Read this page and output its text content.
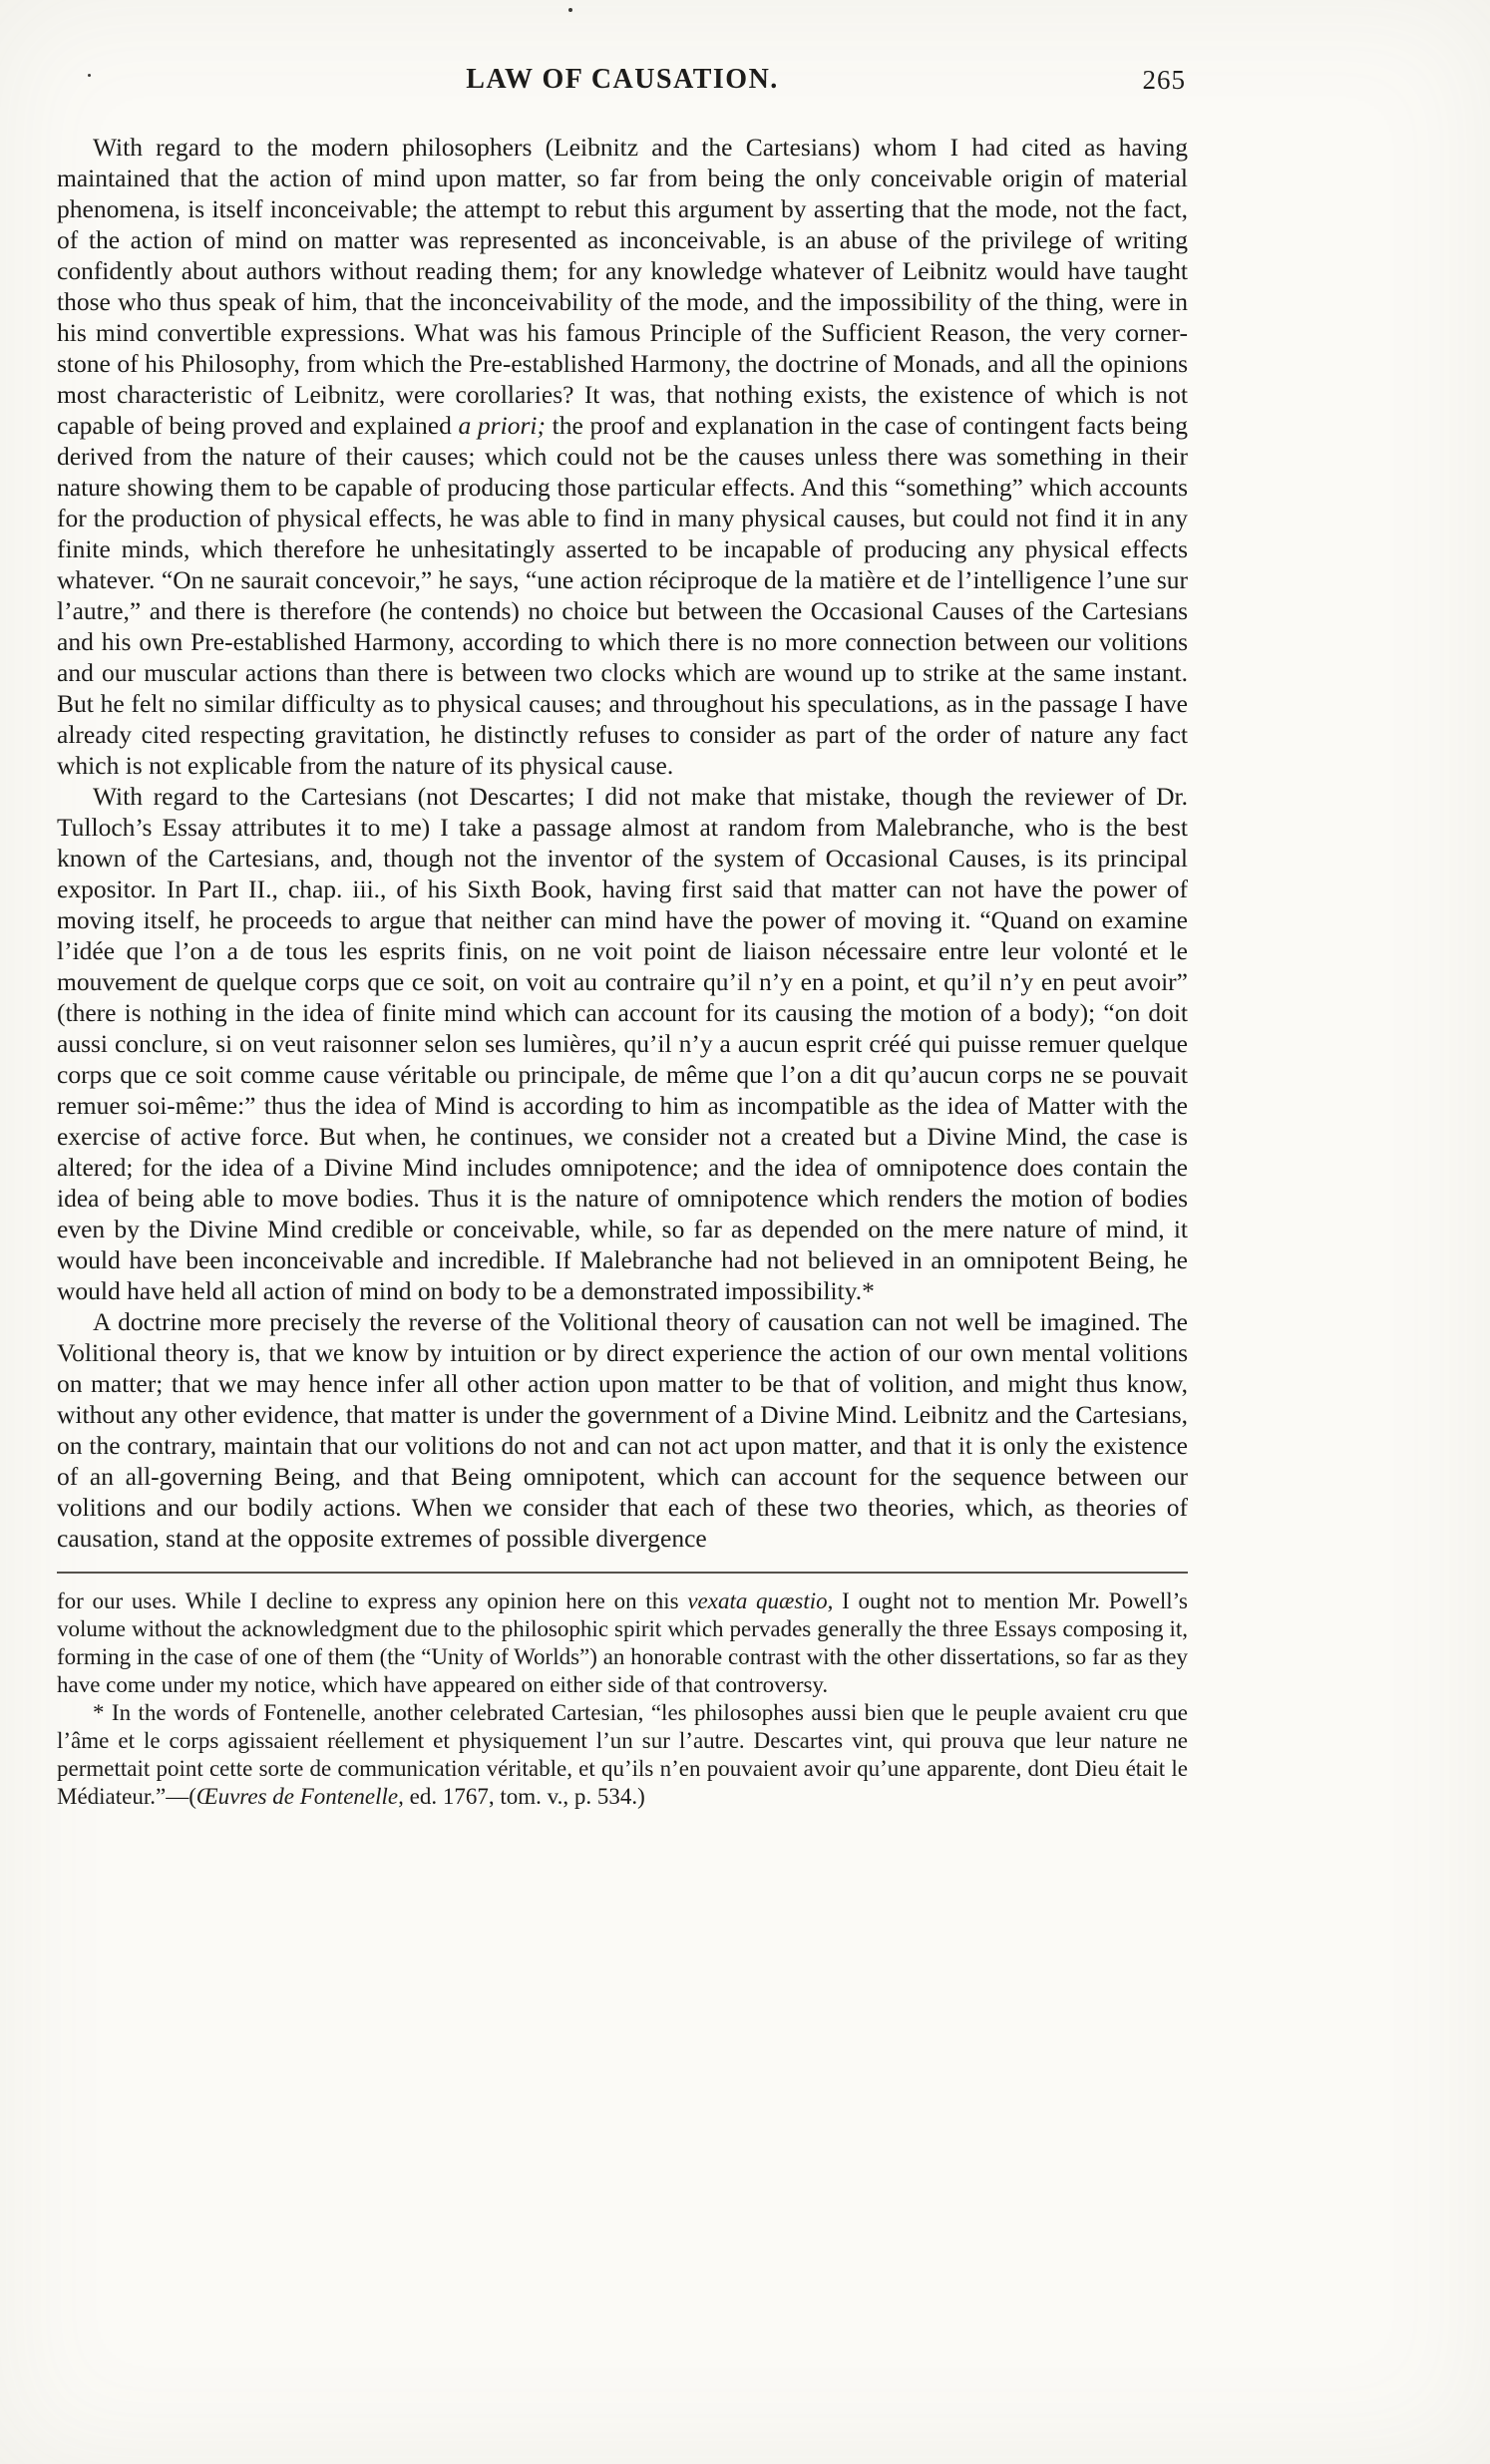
LAW OF CAUSATION.	265

With regard to the modern philosophers (Leibnitz and the Cartesians) whom I had cited as having maintained that the action of mind upon matter, so far from being the only conceivable origin of material phenomena, is itself inconceivable; the attempt to rebut this argument by asserting that the mode, not the fact, of the action of mind on matter was represented as inconceivable, is an abuse of the privilege of writing confidently about authors without reading them; for any knowledge whatever of Leibnitz would have taught those who thus speak of him, that the inconceivability of the mode, and the impossibility of the thing, were in his mind convertible expressions. What was his famous Principle of the Sufficient Reason, the very corner-stone of his Philosophy, from which the Pre-established Harmony, the doctrine of Monads, and all the opinions most characteristic of Leibnitz, were corollaries? It was, that nothing exists, the existence of which is not capable of being proved and explained a priori; the proof and explanation in the case of contingent facts being derived from the nature of their causes; which could not be the causes unless there was something in their nature showing them to be capable of producing those particular effects. And this “something” which accounts for the production of physical effects, he was able to find in many physical causes, but could not find it in any finite minds, which therefore he unhesitatingly asserted to be incapable of producing any physical effects whatever. “On ne saurait concevoir,” he says, “une action réciproque de la matière et de l’intelligence l’une sur l’autre,” and there is therefore (he contends) no choice but between the Occasional Causes of the Cartesians and his own Pre-established Harmony, according to which there is no more connection between our volitions and our muscular actions than there is between two clocks which are wound up to strike at the same instant. But he felt no similar difficulty as to physical causes; and throughout his speculations, as in the passage I have already cited respecting gravitation, he distinctly refuses to consider as part of the order of nature any fact which is not explicable from the nature of its physical cause.

With regard to the Cartesians (not Descartes; I did not make that mistake, though the reviewer of Dr. Tulloch’s Essay attributes it to me) I take a passage almost at random from Malebranche, who is the best known of the Cartesians, and, though not the inventor of the system of Occasional Causes, is its principal expositor. In Part II., chap. iii., of his Sixth Book, having first said that matter can not have the power of moving itself, he proceeds to argue that neither can mind have the power of moving it. “Quand on examine l’idée que l’on a de tous les esprits finis, on ne voit point de liaison nécessaire entre leur volonté et le mouvement de quelque corps que ce soit, on voit au contraire qu’il n’y en a point, et qu’il n’y en peut avoir” (there is nothing in the idea of finite mind which can account for its causing the motion of a body); “on doit aussi conclure, si on veut raisonner selon ses lumières, qu’il n’y a aucun esprit créé qui puisse remuer quelque corps que ce soit comme cause véritable ou principale, de même que l’on a dit qu’aucun corps ne se pouvait remuer soi-même:” thus the idea of Mind is according to him as incompatible as the idea of Matter with the exercise of active force. But when, he continues, we consider not a created but a Divine Mind, the case is altered; for the idea of a Divine Mind includes omnipotence; and the idea of omnipotence does contain the idea of being able to move bodies. Thus it is the nature of omnipotence which renders the motion of bodies even by the Divine Mind credible or conceivable, while, so far as depended on the mere nature of mind, it would have been inconceivable and incredible. If Malebranche had not believed in an omnipotent Being, he would have held all action of mind on body to be a demonstrated impossibility.*

A doctrine more precisely the reverse of the Volitional theory of causation can not well be imagined. The Volitional theory is, that we know by intuition or by direct experience the action of our own mental volitions on matter; that we may hence infer all other action upon matter to be that of volition, and might thus know, without any other evidence, that matter is under the government of a Divine Mind. Leibnitz and the Cartesians, on the contrary, maintain that our volitions do not and can not act upon matter, and that it is only the existence of an all-governing Being, and that Being omnipotent, which can account for the sequence between our volitions and our bodily actions. When we consider that each of these two theories, which, as theories of causation, stand at the opposite extremes of possible divergence

for our uses. While I decline to express any opinion here on this vexata quæstio, I ought not to mention Mr. Powell’s volume without the acknowledgment due to the philosophic spirit which pervades generally the three Essays composing it, forming in the case of one of them (the “Unity of Worlds”) an honorable contrast with the other dissertations, so far as they have come under my notice, which have appeared on either side of that controversy.

* In the words of Fontenelle, another celebrated Cartesian, “les philosophes aussi bien que le peuple avaient cru que l’âme et le corps agissaient réellement et physiquement l’un sur l’autre. Descartes vint, qui prouva que leur nature ne permettait point cette sorte de communication véritable, et qu’ils n’en pouvaient avoir qu’une apparente, dont Dieu était le Médiateur.”—(Œuvres de Fontenelle, ed. 1767, tom. v., p. 534.)
